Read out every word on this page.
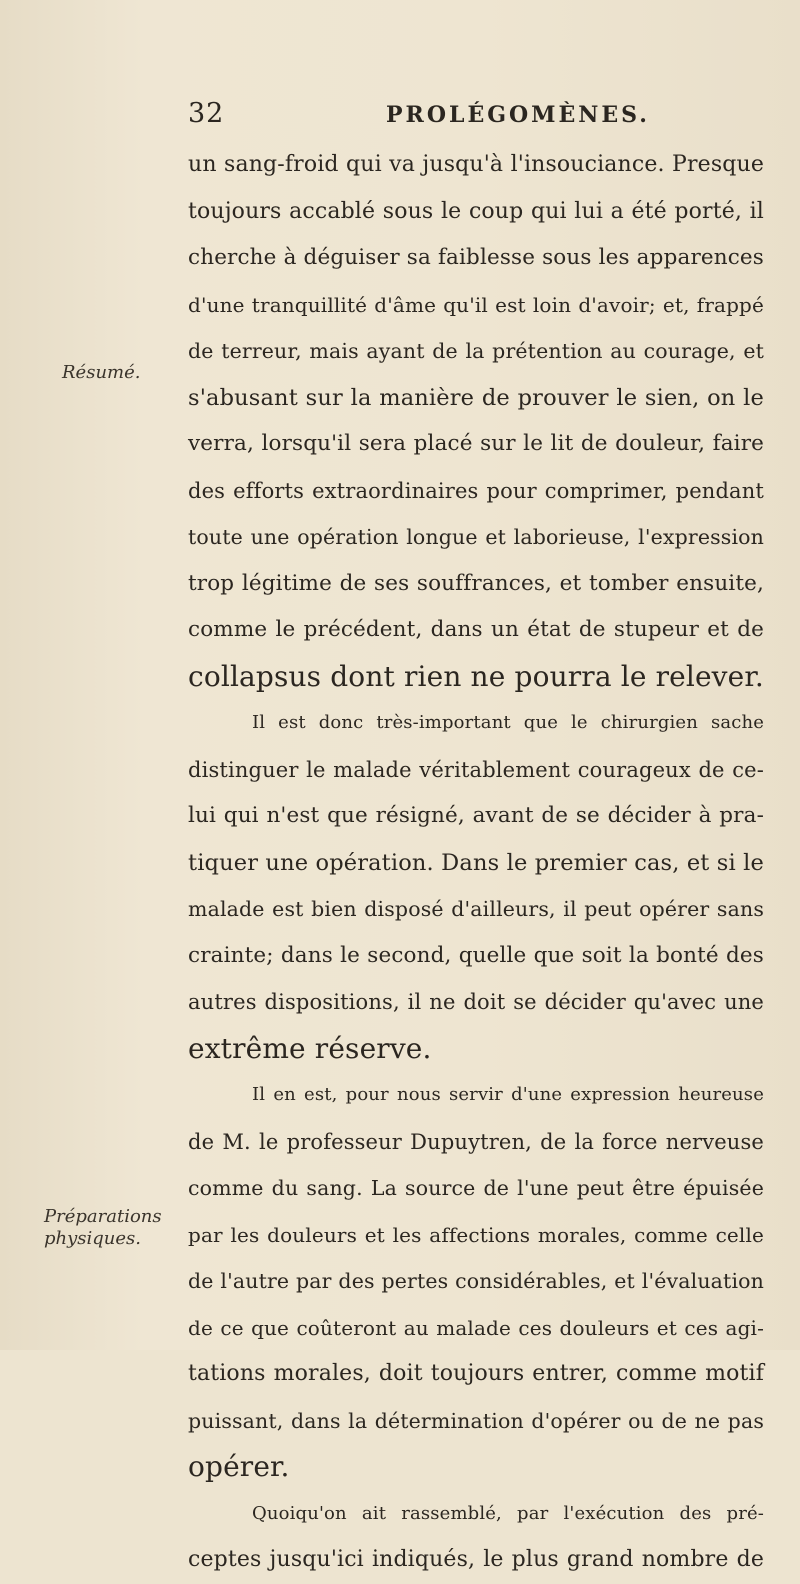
32	PROLÉGOMÈNES.
Résumé.
Préparations
physiques.
un sang-froid qui va jusqu'à l'insouciance. Presque
toujours accablé sous le coup qui lui a été porté, il
cherche à déguiser sa faiblesse sous les apparences
d'une tranquillité d'âme qu'il est loin d'avoir; et, frappé
de terreur, mais ayant de la prétention au courage, et
s'abusant sur la manière de prouver le sien, on le
verra, lorsqu'il sera placé sur le lit de douleur, faire
des efforts extraordinaires pour comprimer, pendant
toute une opération longue et laborieuse, l'expression
trop légitime de ses souffrances, et tomber ensuite,
comme le précédent, dans un état de stupeur et de
collapsus dont rien ne pourra le relever.
Il est donc très-important que le chirurgien sache
distinguer le malade véritablement courageux de ce-
lui qui n'est que résigné, avant de se décider à pra-
tiquer une opération. Dans le premier cas, et si le
malade est bien disposé d'ailleurs, il peut opérer sans
crainte; dans le second, quelle que soit la bonté des
autres dispositions, il ne doit se décider qu'avec une
extrême réserve.
Il en est, pour nous servir d'une expression heureuse
de M. le professeur Dupuytren, de la force nerveuse
comme du sang. La source de l'une peut être épuisée
par les douleurs et les affections morales, comme celle
de l'autre par des pertes considérables, et l'évaluation
de ce que coûteront au malade ces douleurs et ces agi-
tations morales, doit toujours entrer, comme motif
puissant, dans la détermination d'opérer ou de ne pas
opérer.
Quoiqu'on ait rassemblé, par l'exécution des pré-
ceptes jusqu'ici indiqués, le plus grand nombre de
